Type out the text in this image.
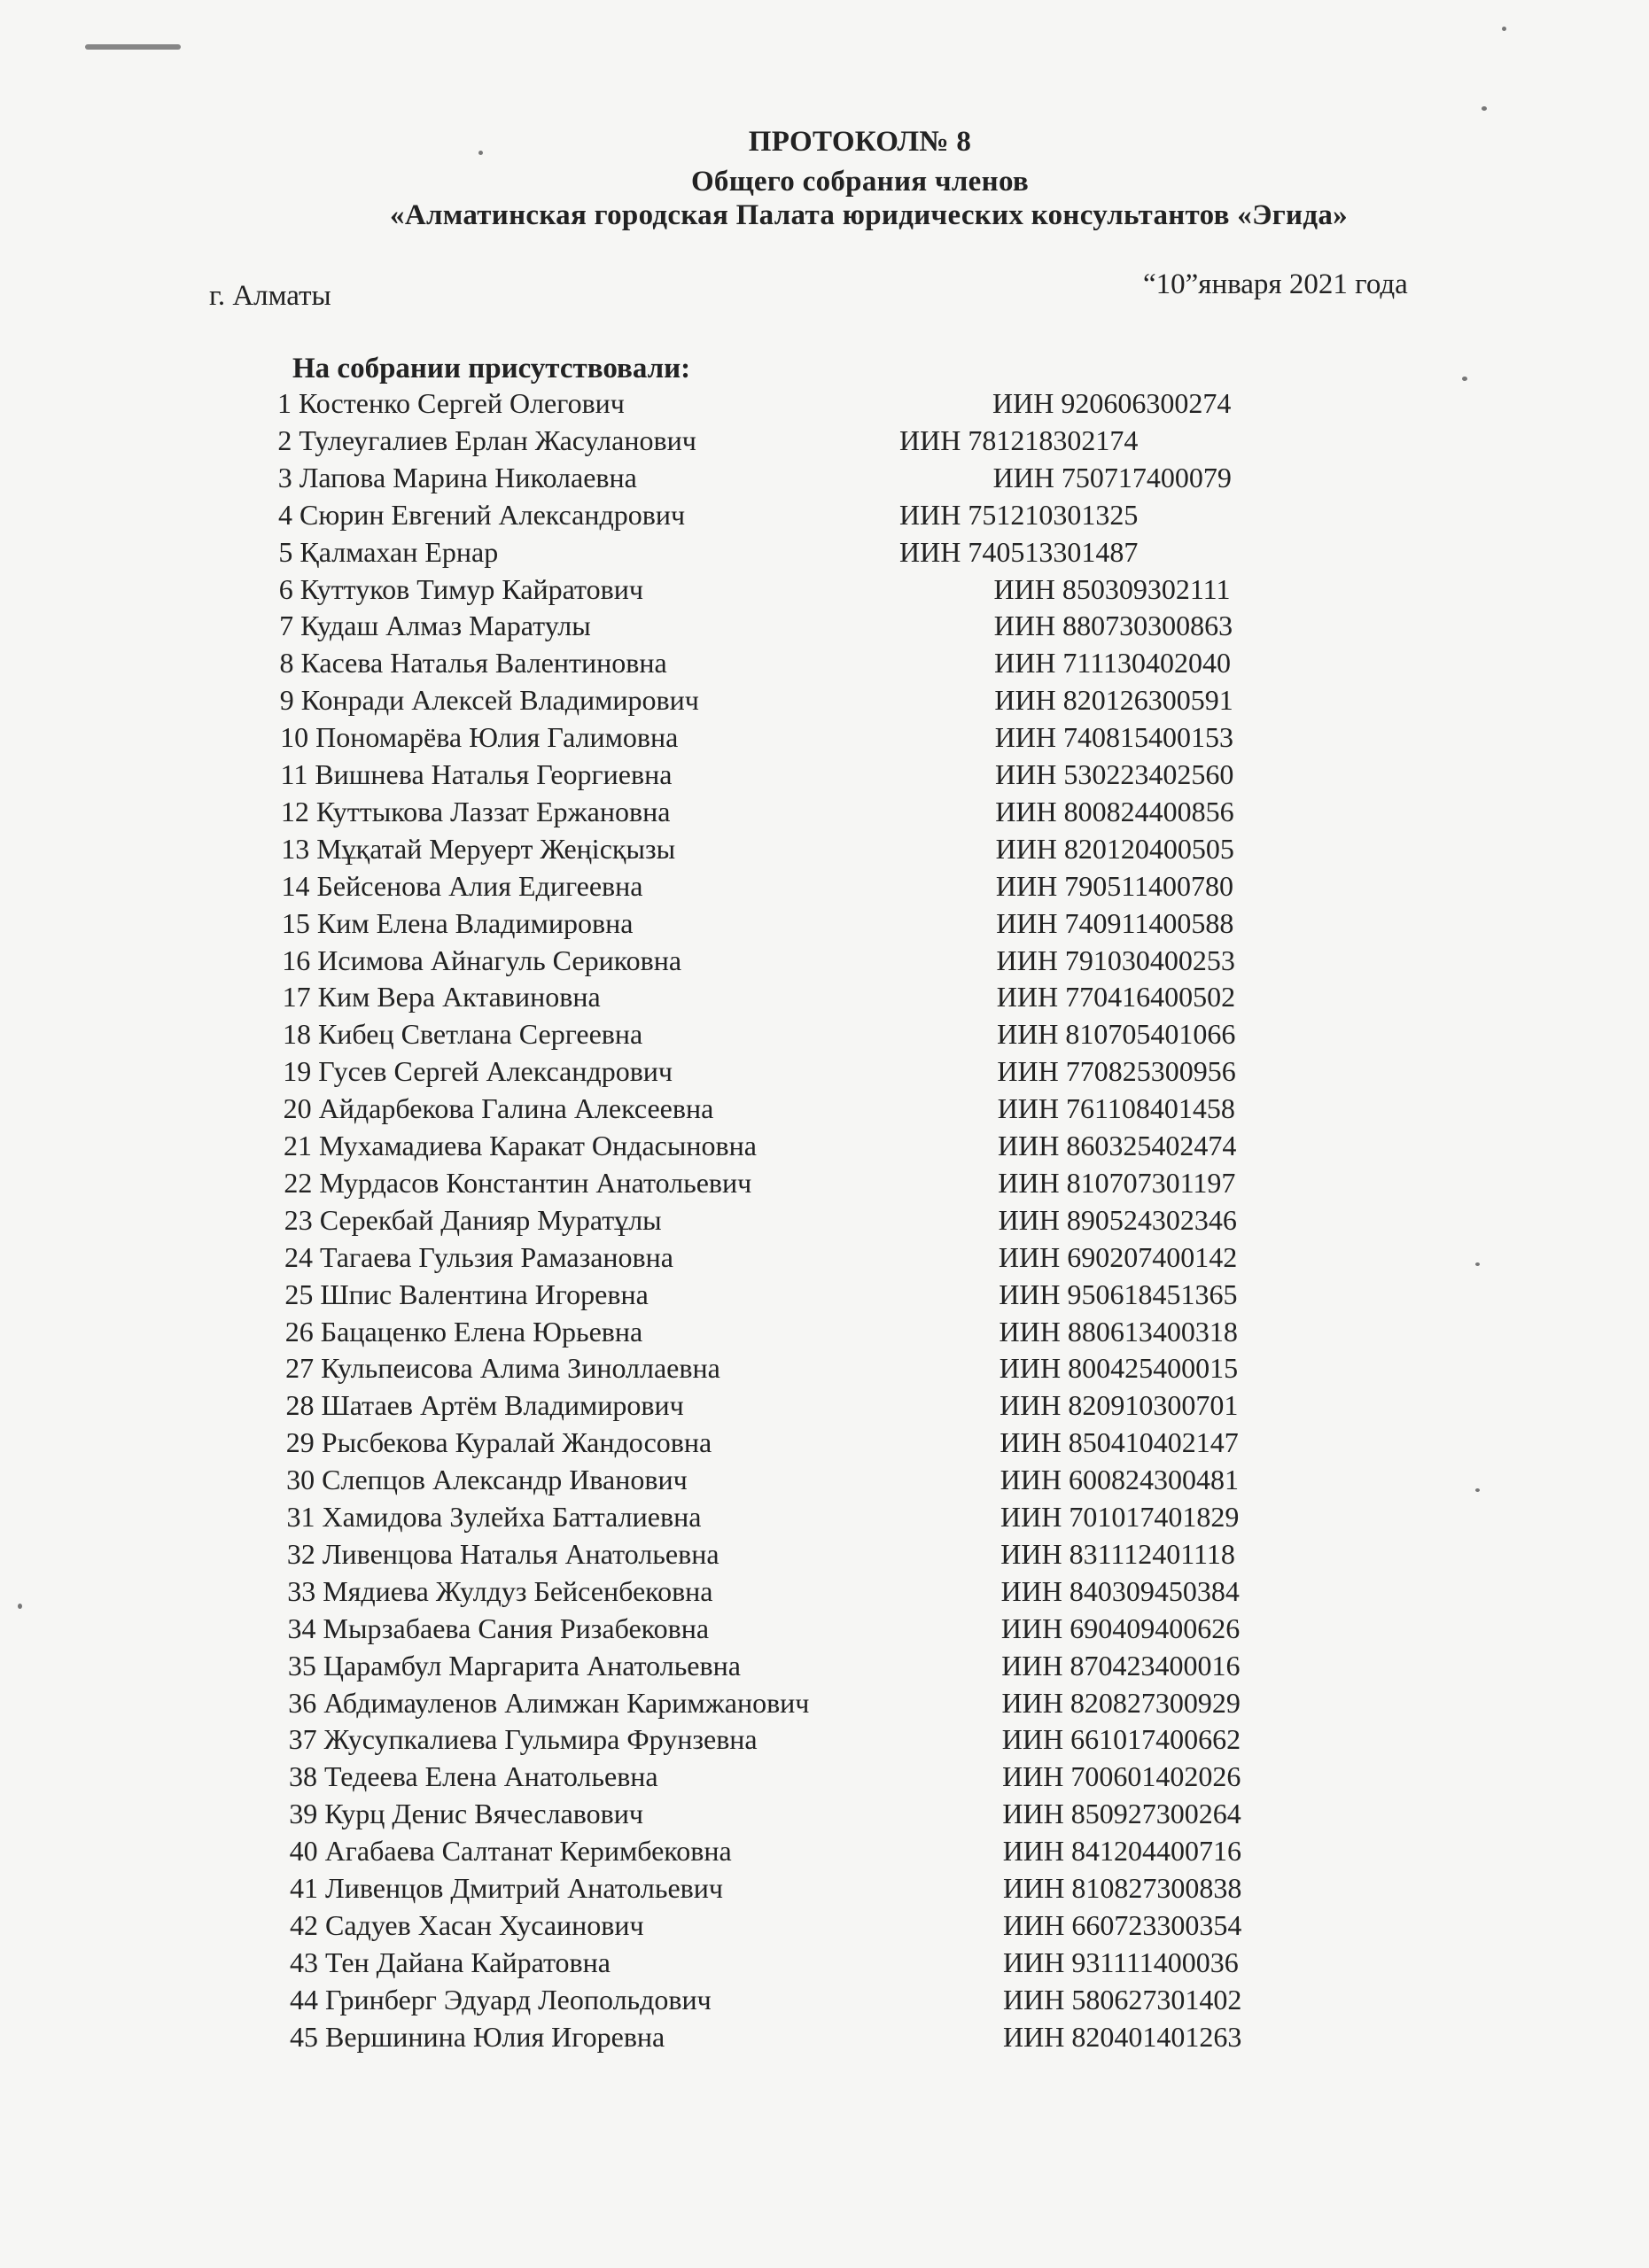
ПРОТОКОЛ№ 8
Общего собрания членов
«Алматинская городская Палата юридических консультантов «Эгида»
г. Алматы	“10”января 2021 года
На собрании присутствовали:
1 Костенко Сергей Олегович	ИИН 920606300274
2 Тулеугалиев Ерлан Жасуланович	ИИН 781218302174
3 Лапова Марина Николаевна	ИИН 750717400079
4 Сюрин Евгений Александрович	ИИН 751210301325
5 Қалмахан Ернар	ИИН 740513301487
6 Куттуков Тимур Кайратович	ИИН 850309302111
7 Кудаш Алмаз Маратулы	ИИН 880730300863
8 Касева Наталья Валентиновна	ИИН 711130402040
9 Конради Алексей Владимирович	ИИН 820126300591
10 Пономарёва Юлия Галимовна	ИИН 740815400153
11 Вишнева Наталья Георгиевна	ИИН 530223402560
12 Куттыкова Лаззат Ержановна	ИИН 800824400856
13 Мұқатай Меруерт Жеңісқызы	ИИН 820120400505
14 Бейсенова Алия Едигеевна	ИИН 790511400780
15 Ким Елена Владимировна	ИИН 740911400588
16 Исимова Айнагуль Сериковна	ИИН 791030400253
17 Ким Вера Актавиновна	ИИН 770416400502
18 Кибец Светлана Сергеевна	ИИН 810705401066
19 Гусев Сергей Александрович	ИИН 770825300956
20 Айдарбекова Галина Алексеевна	ИИН 761108401458
21 Мухамадиева Каракат Ондасыновна	ИИН 860325402474
22 Мурдасов Константин Анатольевич	ИИН 810707301197
23 Серекбай Данияр Муратұлы	ИИН 890524302346
24 Тагаева Гульзия Рамазановна	ИИН 690207400142
25 Шпис Валентина Игоревна	ИИН 950618451365
26 Бацаценко Елена Юрьевна	ИИН 880613400318
27 Кульпеисова Алима Зиноллаевна	ИИН 800425400015
28 Шатаев Артём Владимирович	ИИН 820910300701
29 Рысбекова Куралай Жандосовна	ИИН 850410402147
30 Слепцов Александр Иванович	ИИН 600824300481
31 Хамидова Зулейха Батталиевна	ИИН 701017401829
32 Ливенцова Наталья Анатольевна	ИИН 831112401118
33 Мядиева Жулдуз Бейсенбековна	ИИН 840309450384
34 Мырзабаева Сания Ризабековна	ИИН 690409400626
35 Царамбул Маргарита Анатольевна	ИИН 870423400016
36 Абдимауленов Алимжан Каримжанович	ИИН 820827300929
37 Жусупкалиева Гульмира Фрунзевна	ИИН 661017400662
38 Тедеева Елена Анатольевна	ИИН 700601402026
39 Курц Денис Вячеславович	ИИН 850927300264
40 Агабаева Салтанат Керимбековна	ИИН 841204400716
41 Ливенцов Дмитрий Анатольевич	ИИН 810827300838
42 Садуев Хасан Хусаинович	ИИН 660723300354
43 Тен Дайана Кайратовна	ИИН 931111400036
44 Гринберг Эдуард Леопольдович	ИИН 580627301402
45 Вершинина Юлия Игоревна	ИИН 820401401263
